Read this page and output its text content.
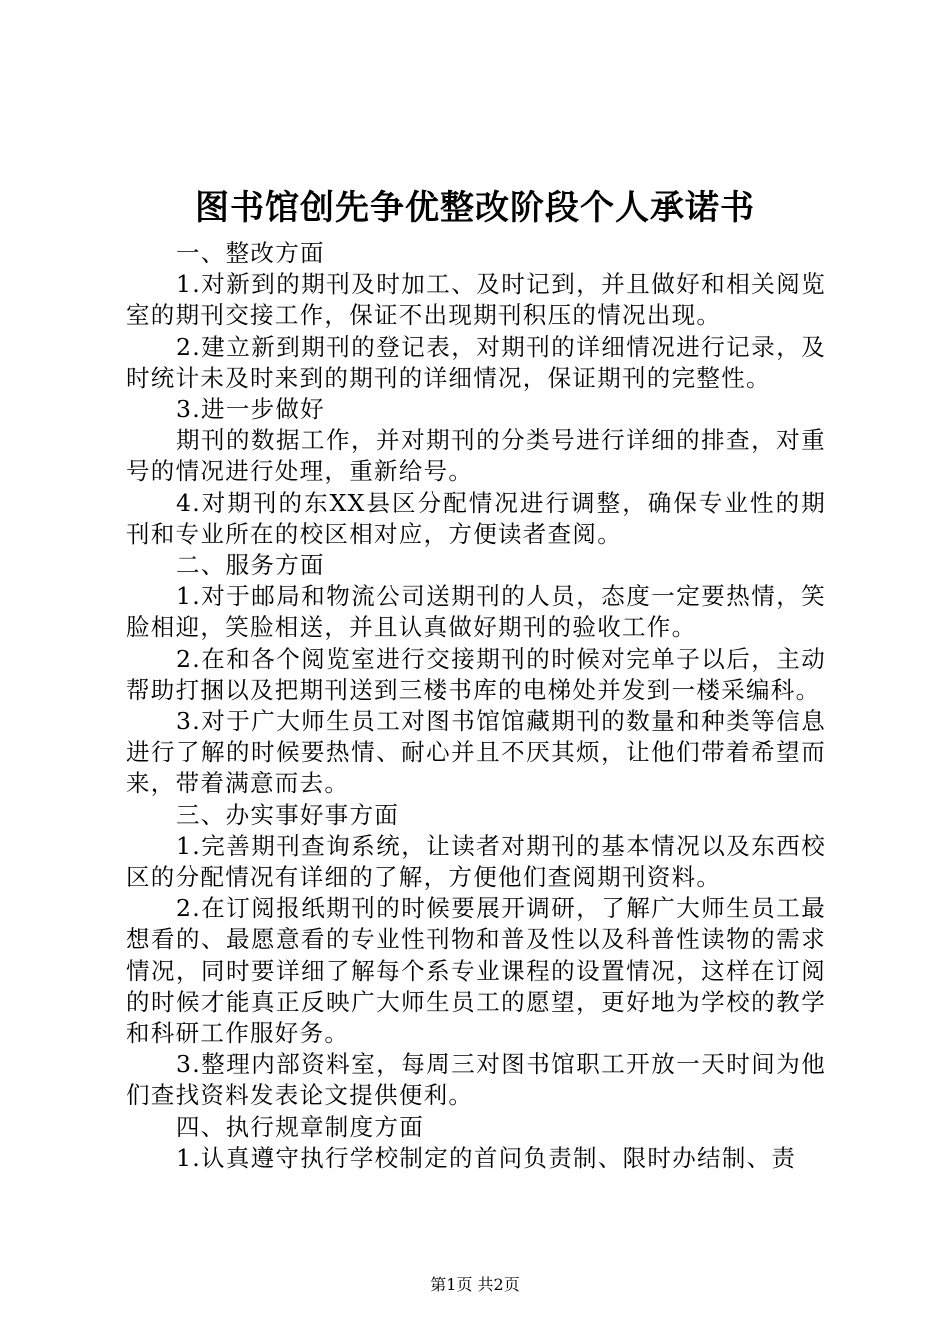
图书馆创先争优整改阶段个人承诺书

一、整改方面

1.对新到的期刊及时加工、及时记到，并且做好和相关阅览室的期刊交接工作，保证不出现期刊积压的情况出现。

2.建立新到期刊的登记表，对期刊的详细情况进行记录，及时统计未及时来到的期刊的详细情况，保证期刊的完整性。

3.进一步做好

期刊的数据工作，并对期刊的分类号进行详细的排查，对重号的情况进行处理，重新给号。

4.对期刊的东XX县区分配情况进行调整，确保专业性的期刊和专业所在的校区相对应，方便读者查阅。

二、服务方面

1.对于邮局和物流公司送期刊的人员，态度一定要热情，笑脸相迎，笑脸相送，并且认真做好期刊的验收工作。

2.在和各个阅览室进行交接期刊的时候对完单子以后，主动帮助打捆以及把期刊送到三楼书库的电梯处并发到一楼采编科。

3.对于广大师生员工对图书馆馆藏期刊的数量和种类等信息进行了解的时候要热情、耐心并且不厌其烦，让他们带着希望而来，带着满意而去。

三、办实事好事方面

1.完善期刊查询系统，让读者对期刊的基本情况以及东西校区的分配情况有详细的了解，方便他们查阅期刊资料。

2.在订阅报纸期刊的时候要展开调研，了解广大师生员工最想看的、最愿意看的专业性刊物和普及性以及科普性读物的需求情况，同时要详细了解每个系专业课程的设置情况，这样在订阅的时候才能真正反映广大师生员工的愿望，更好地为学校的教学和科研工作服好务。

3.整理内部资料室，每周三对图书馆职工开放一天时间为他们查找资料发表论文提供便利。

四、执行规章制度方面

1.认真遵守执行学校制定的首问负责制、限时办结制、责

第1页 共2页
